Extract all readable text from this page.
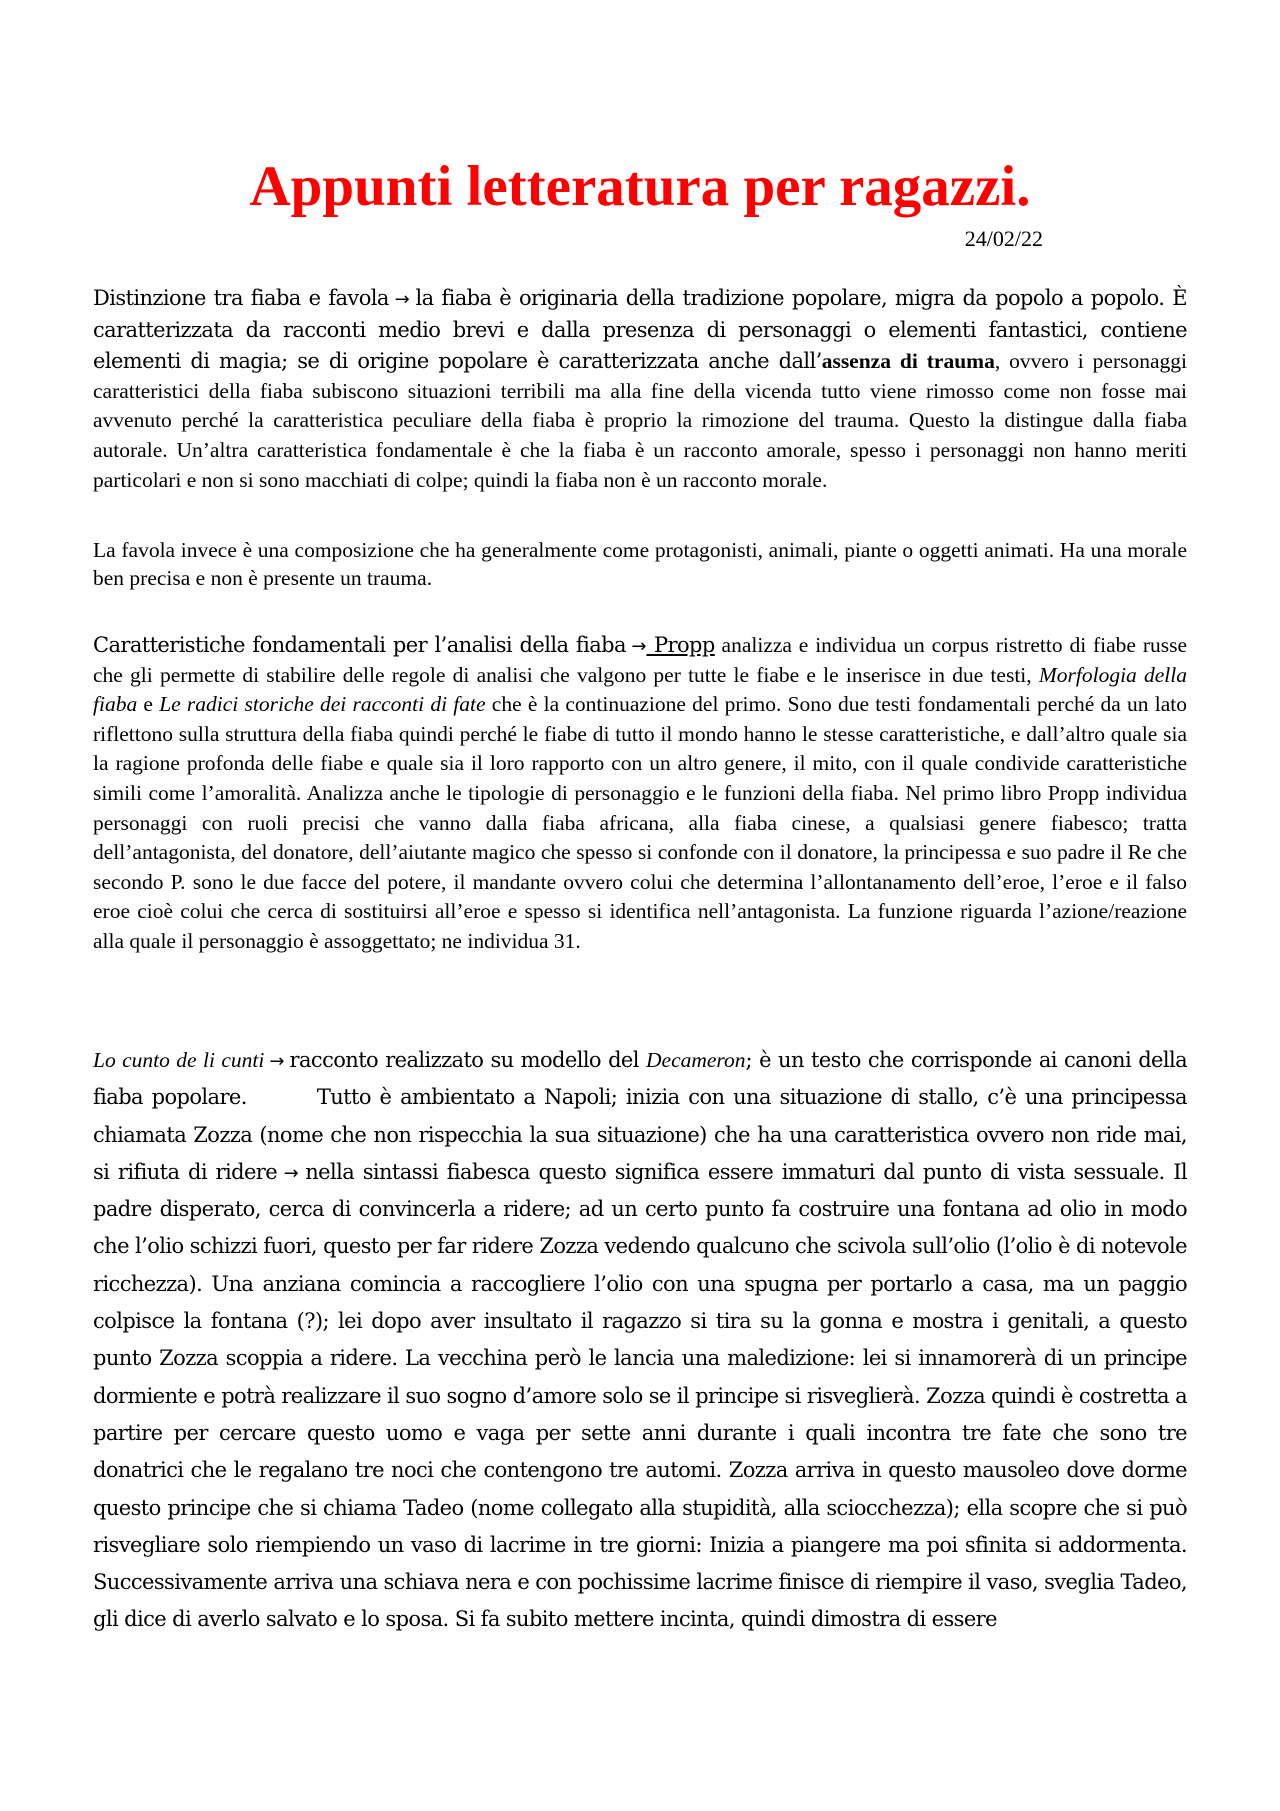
Appunti letteratura per ragazzi.
24/02/22

Distinzione tra fiaba e favola → la fiaba è originaria della tradizione popolare, migra da popolo a popolo. È caratterizzata da racconti medio brevi e dalla presenza di personaggi o elementi fantastici, contiene elementi di magia; se di origine popolare è caratterizzata anche dall’assenza di trauma, ovvero i personaggi caratteristici della fiaba subiscono situazioni terribili ma alla fine della vicenda tutto viene rimosso come non fosse mai avvenuto perché la caratteristica peculiare della fiaba è proprio la rimozione del trauma. Questo la distingue dalla fiaba autorale. Un’altra caratteristica fondamentale è che la fiaba è un racconto amorale, spesso i personaggi non hanno meriti particolari e non si sono macchiati di colpe; quindi la fiaba non è un racconto morale.

La favola invece è una composizione che ha generalmente come protagonisti, animali, piante o oggetti animati. Ha una morale ben precisa e non è presente un trauma.

Caratteristiche fondamentali per l’analisi della fiaba → Propp analizza e individua un corpus ristretto di fiabe russe che gli permette di stabilire delle regole di analisi che valgono per tutte le fiabe e le inserisce in due testi, Morfologia della fiaba e Le radici storiche dei racconti di fate che è la continuazione del primo. Sono due testi fondamentali perché da un lato riflettono sulla struttura della fiaba quindi perché le fiabe di tutto il mondo hanno le stesse caratteristiche, e dall’altro quale sia la ragione profonda delle fiabe e quale sia il loro rapporto con un altro genere, il mito, con il quale condivide caratteristiche simili come l’amoralità. Analizza anche le tipologie di personaggio e le funzioni della fiaba. Nel primo libro Propp individua personaggi con ruoli precisi che vanno dalla fiaba africana, alla fiaba cinese, a qualsiasi genere fiabesco; tratta dell’antagonista, del donatore, dell’aiutante magico che spesso si confonde con il donatore, la principessa e suo padre il Re che secondo P. sono le due facce del potere, il mandante ovvero colui che determina l’allontanamento dell’eroe, l’eroe e il falso eroe cioè colui che cerca di sostituirsi all’eroe e spesso si identifica nell’antagonista. La funzione riguarda l’azione/reazione alla quale il personaggio è assoggettato; ne individua 31.

Lo cunto de li cunti → racconto realizzato su modello del Decameron; è un testo che corrisponde ai canoni della fiaba popolare.	Tutto è ambientato a Napoli; inizia con una situazione di stallo, c’è una principessa chiamata Zozza (nome che non rispecchia la sua situazione) che ha una caratteristica ovvero non ride mai, si rifiuta di ridere → nella sintassi fiabesca questo significa essere immaturi dal punto di vista sessuale. Il padre disperato, cerca di convincerla a ridere; ad un certo punto fa costruire una fontana ad olio in modo che l’olio schizzi fuori, questo per far ridere Zozza vedendo qualcuno che scivola sull’olio (l’olio è di notevole ricchezza). Una anziana comincia a raccogliere l’olio con una spugna per portarlo a casa, ma un paggio colpisce la fontana (?); lei dopo aver insultato il ragazzo si tira su la gonna e mostra i genitali, a questo punto Zozza scoppia a ridere. La vecchina però le lancia una maledizione: lei si innamorerà di un principe dormiente e potrà realizzare il suo sogno d’amore solo se il principe si risveglierà. Zozza quindi è costretta a partire per cercare questo uomo e vaga per sette anni durante i quali incontra tre fate che sono tre donatrici che le regalano tre noci che contengono tre automi. Zozza arriva in questo mausoleo dove dorme questo principe che si chiama Tadeo (nome collegato alla stupidità, alla sciocchezza); ella scopre che si può risvegliare solo riempiendo un vaso di lacrime in tre giorni: Inizia a piangere ma poi sfinita si addormenta. Successivamente arriva una schiava nera e con pochissime lacrime finisce di riempire il vaso, sveglia Tadeo, gli dice di averlo salvato e lo sposa. Si fa subito mettere incinta, quindi dimostra di essere
